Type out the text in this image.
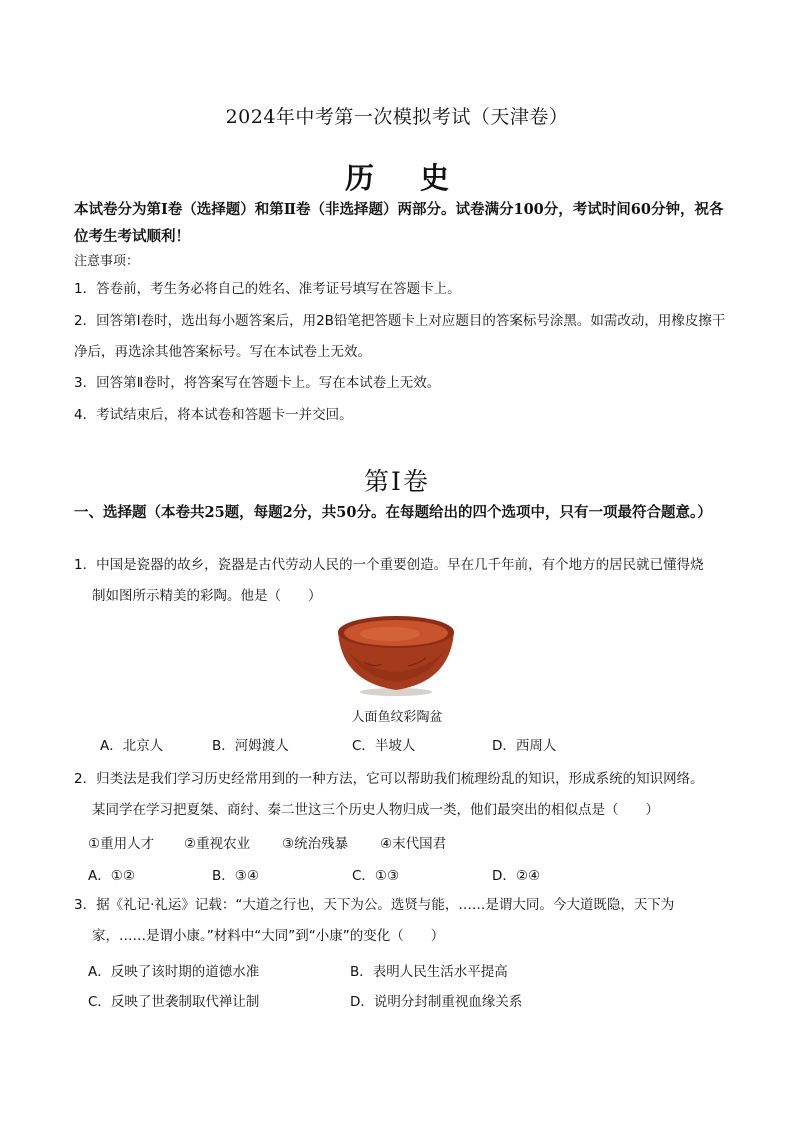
2024年中考第一次模拟考试（天津卷）
历 史
本试卷分为第Ⅰ卷（选择题）和第Ⅱ卷（非选择题）两部分。试卷满分100分，考试时间60分钟，祝各位考生考试顺利！
注意事项：
1．答卷前，考生务必将自己的姓名、准考证号填写在答题卡上。
2．回答第Ⅰ卷时，选出每小题答案后，用2B铅笔把答题卡上对应题目的答案标号涂黑。如需改动，用橡皮擦干净后，再选涂其他答案标号。写在本试卷上无效。
3．回答第Ⅱ卷时，将答案写在答题卡上。写在本试卷上无效。
4．考试结束后，将本试卷和答题卡一并交回。
第Ⅰ卷
一、选择题（本卷共25题，每题2分，共50分。在每题给出的四个选项中，只有一项最符合题意。）
1．中国是瓷器的故乡，瓷器是古代劳动人民的一个重要创造。早在几千年前，有个地方的居民就已懂得烧
制如图所示精美的彩陶。他是（　　）
人面鱼纹彩陶盆
A．北京人	B．河姆渡人	C．半坡人	D．西周人
2．归类法是我们学习历史经常用到的一种方法，它可以帮助我们梳理纷乱的知识，形成系统的知识网络。
某同学在学习把夏桀、商纣、秦二世这三个历史人物归成一类，他们最突出的相似点是（　　）
①重用人才 ②重视农业 ③统治残暴 ④末代国君
A．①②	B．③④	C．①③	D．②④
3．据《礼记·礼运》记载：“大道之行也，天下为公。选贤与能，……是谓大同。今大道既隐，天下为
家，……是谓小康。”材料中“大同”到“小康”的变化（　　）
A．反映了该时期的道德水准	B．表明人民生活水平提高
C．反映了世袭制取代禅让制	D．说明分封制重视血缘关系
